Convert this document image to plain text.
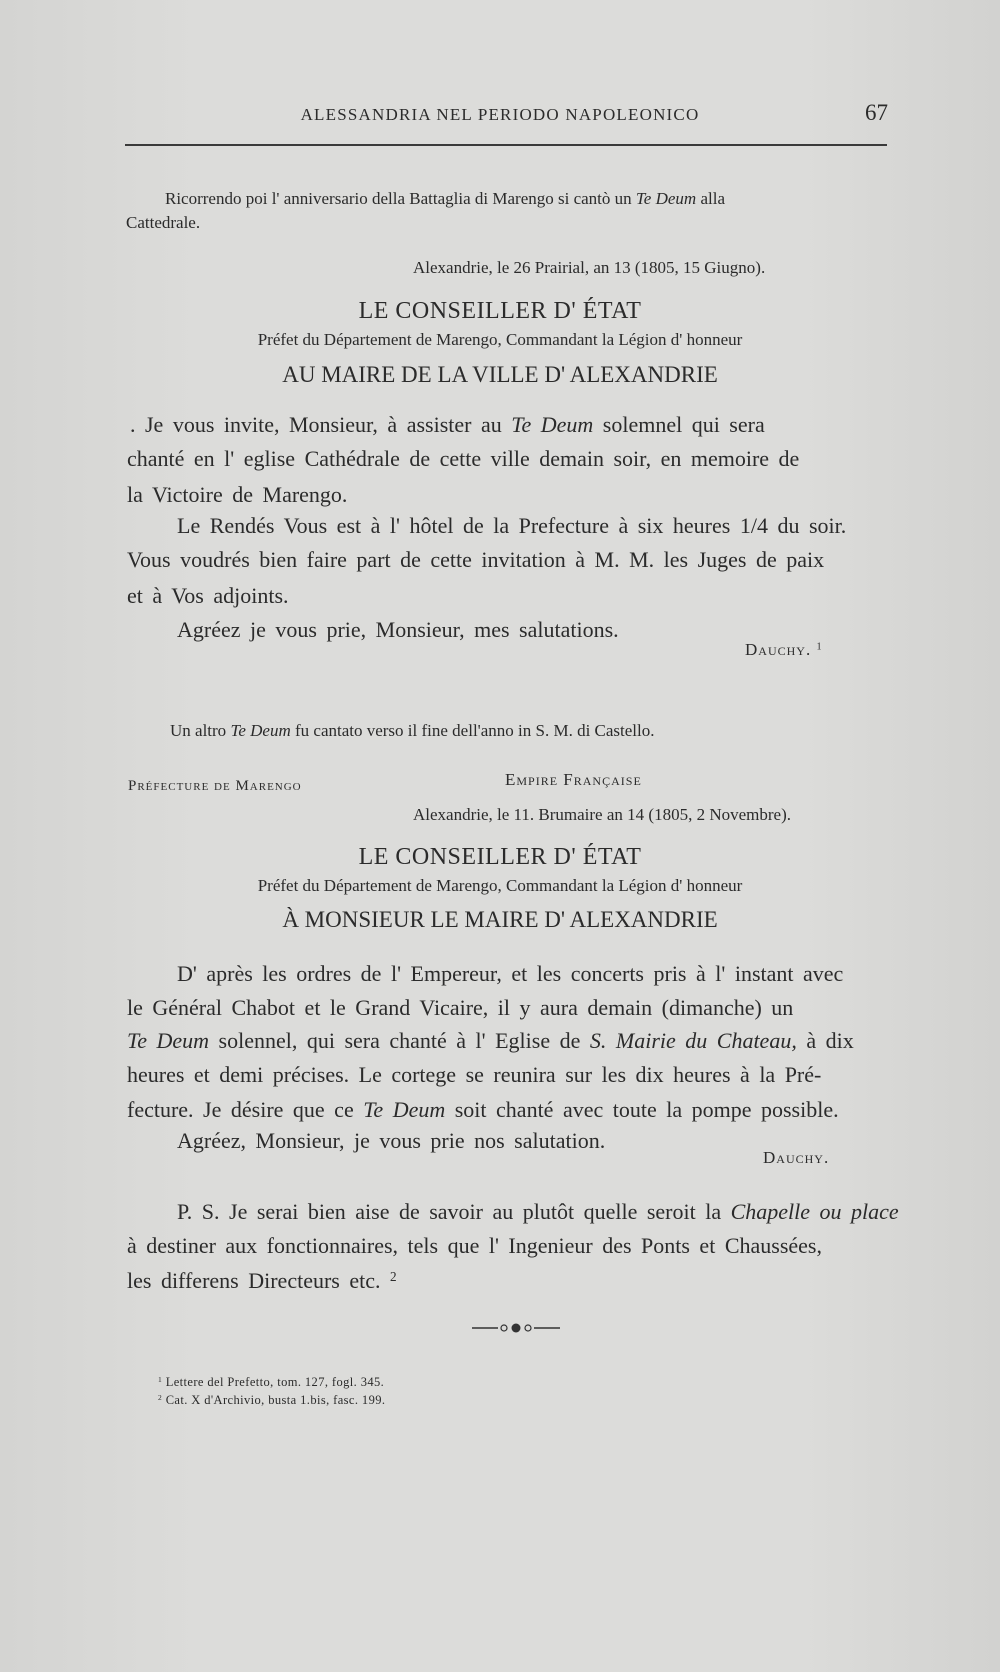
ALESSANDRIA NEL PERIODO NAPOLEONICO	67
Ricorrendo poi l' anniversario della Battaglia di Marengo si cantò un Te Deum alla
Cattedrale.
Alexandrie, le 26 Prairial, an 13 (1805, 15 Giugno).
LE CONSEILLER D' ÉTAT
Préfet du Département de Marengo, Commandant la Légion d' honneur
AU MAIRE DE LA VILLE D' ALEXANDRIE
. Je vous invite, Monsieur, à assister au Te Deum solemnel qui sera
chanté en l' eglise Cathédrale de cette ville demain soir, en memoire de
la Victoire de Marengo.
Le Rendés Vous est à l' hôtel de la Prefecture à six heures 1/4 du soir.
Vous voudrés bien faire part de cette invitation à M. M. les Juges de paix
et à Vos adjoints.
Agréez je vous prie, Monsieur, mes salutations.
Dauchy. $^1$
Un altro Te Deum fu cantato verso il fine dell'anno in S. M. di Castello.
Préfecture de Marengo	Empire Française
Alexandrie, le 11. Brumaire an 14 (1805, 2 Novembre).
LE CONSEILLER D' ÉTAT
Préfet du Département de Marengo, Commandant la Légion d' honneur
À MONSIEUR LE MAIRE D' ALEXANDRIE
D' après les ordres de l' Empereur, et les concerts pris à l' instant avec
le Général Chabot et le Grand Vicaire, il y aura demain (dimanche) un
Te Deum solennel, qui sera chanté à l' Eglise de S. Mairie du Chateau, à dix
heures et demi précises. Le cortege se reunira sur les dix heures à la Pré-
fecture. Je désire que ce Te Deum soit chanté avec toute la pompe possible.
Agréez, Monsieur, je vous prie nos salutation.
Dauchy.
P. S. Je serai bien aise de savoir au plutôt quelle seroit la Chapelle ou place
à destiner aux fonctionnaires, tels que l' Ingenieur des Ponts et Chaussées,
les differens Directeurs etc. $^2$
$^1$ Lettere del Prefetto, tom. 127, fogl. 345.
$^2$ Cat. X d'Archivio, busta 1.bis, fasc. 199.
